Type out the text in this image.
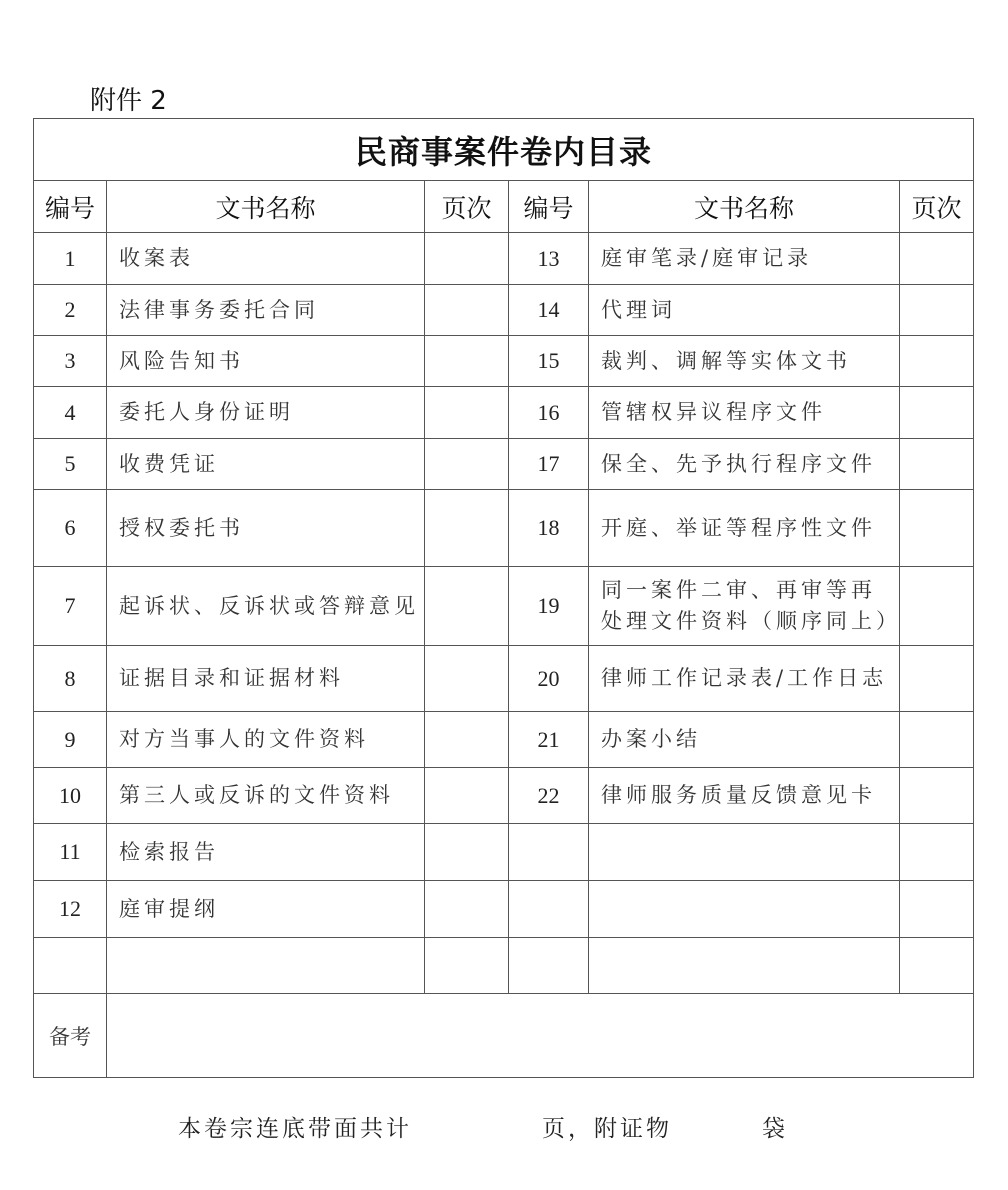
附件 2
民商事案件卷内目录					
编号	文书名称	页次	编号	文书名称	页次
1	收案表		13	庭审笔录/庭审记录	
2	法律事务委托合同		14	代理词	
3	风险告知书		15	裁判、调解等实体文书	
4	委托人身份证明		16	管辖权异议程序文件	
5	收费凭证		17	保全、先予执行程序文件	
6	授权委托书		18	开庭、举证等程序性文件	
7	起诉状、反诉状或答辩意见		19	同一案件二审、再审等再处理文件资料（顺序同上）	
8	证据目录和证据材料		20	律师工作记录表/工作日志	
9	对方当事人的文件资料		21	办案小结	
10	第三人或反诉的文件资料		22	律师服务质量反馈意见卡	
11	检索报告				
12	庭审提纲				

备考					
本卷宗连底带面共计	页，附证物	袋
